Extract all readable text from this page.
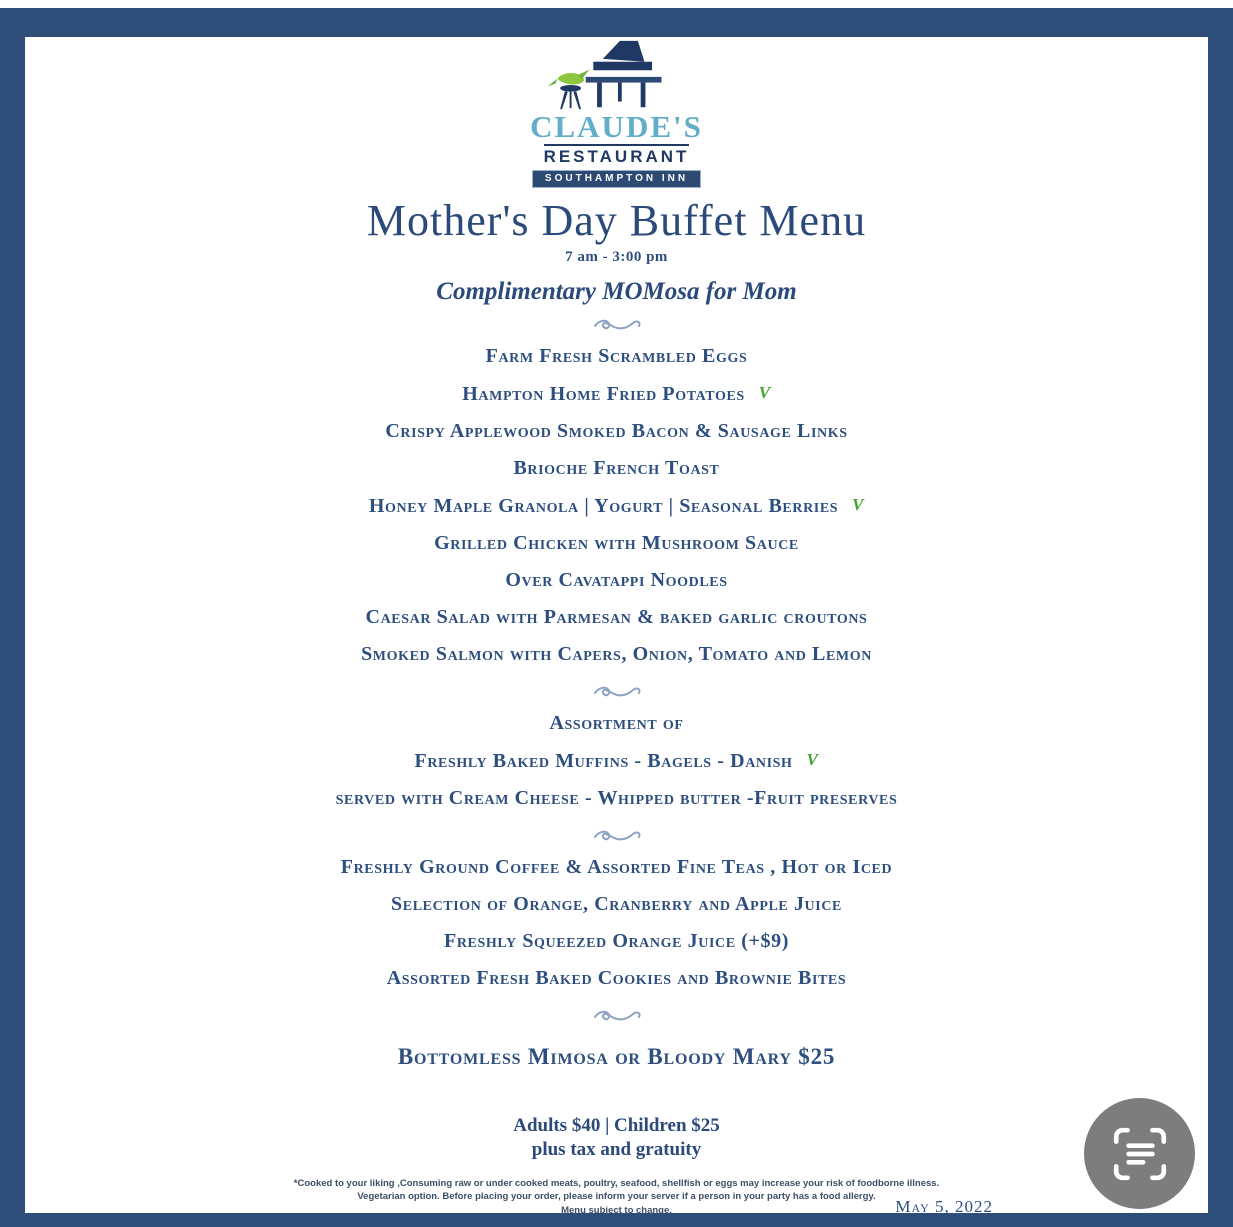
CLAUDE'S
RESTAURANT
SOUTHAMPTON INN
Mother's Day Buffet Menu
7 am - 3:00 pm
Complimentary MOMosa for Mom
Farm Fresh Scrambled Eggs
Hampton Home Fried Potatoes V
Crispy Applewood Smoked Bacon & Sausage Links
Brioche French Toast
Honey Maple Granola | Yogurt | Seasonal Berries V
Grilled Chicken with Mushroom Sauce
Over Cavatappi Noodles
Caesar Salad with Parmesan & baked garlic croutons
Smoked Salmon with Capers, Onion, Tomato and Lemon
Assortment of
Freshly Baked Muffins - Bagels - Danish V
served with Cream Cheese - Whipped butter -Fruit preserves
Freshly Ground Coffee & Assorted Fine Teas , Hot or Iced
Selection of Orange, Cranberry and Apple Juice
Freshly Squeezed Orange Juice (+$9)
Assorted Fresh Baked Cookies and Brownie Bites
Bottomless Mimosa or Bloody Mary $25
Adults $40 | Children $25
plus tax and gratuity
*Cooked to your liking ,Consuming raw or under cooked meats, poultry, seafood, shellfish or eggs may increase your risk of foodborne illness.
Vegetarian option. Before placing your order, please inform your server if a person in your party has a food allergy.
Menu subject to change.	May 5, 2022
